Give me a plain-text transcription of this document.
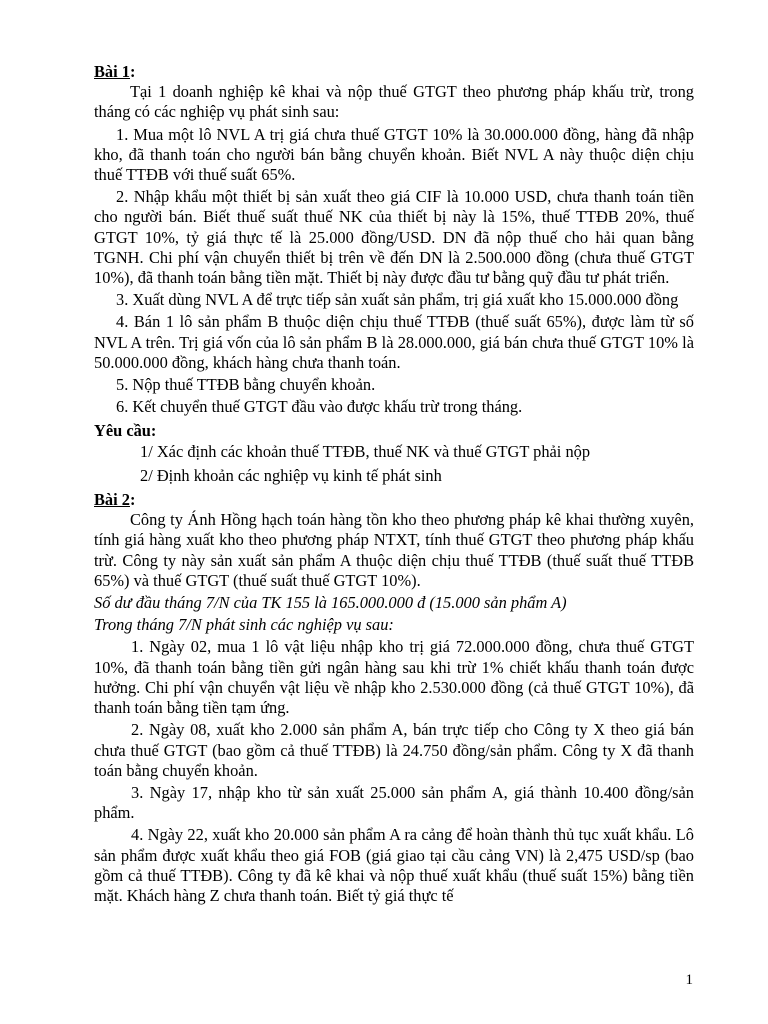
Bài 1:

Tại 1 doanh nghiệp kê khai và nộp thuế GTGT theo phương pháp khấu trừ, trong tháng có các nghiệp vụ phát sinh sau:

1. Mua một lô NVL A trị giá chưa thuế GTGT 10% là 30.000.000 đồng, hàng đã nhập kho, đã thanh toán cho người bán bằng chuyển khoản. Biết NVL A này thuộc diện chịu thuế TTĐB với thuế suất 65%.

2. Nhập khẩu một thiết bị sản xuất theo giá CIF là 10.000 USD, chưa thanh toán tiền cho người bán. Biết thuế suất thuế NK của thiết bị này là 15%, thuế TTĐB 20%, thuế GTGT 10%, tỷ giá thực tế là 25.000 đồng/USD. DN đã nộp thuế cho hải quan bằng TGNH. Chi phí vận chuyển thiết bị trên về đến DN là 2.500.000 đồng (chưa thuế GTGT 10%), đã thanh toán bằng tiền mặt. Thiết bị này được đầu tư bằng quỹ đầu tư phát triển.

3. Xuất dùng NVL A để trực tiếp sản xuất sản phẩm, trị giá xuất kho 15.000.000 đồng

4. Bán 1 lô sản phẩm B thuộc diện chịu thuế TTĐB (thuế suất 65%), được làm từ số NVL A trên. Trị giá vốn của lô sản phẩm B là 28.000.000, giá bán chưa thuế GTGT 10% là 50.000.000 đồng, khách hàng chưa thanh toán.

5. Nộp thuế TTĐB bằng chuyển khoản.

6. Kết chuyển thuế GTGT đầu vào được khấu trừ trong tháng.

Yêu cầu:

1/ Xác định các khoản thuế TTĐB, thuế NK và thuế GTGT phải nộp

2/ Định khoản các nghiệp vụ kinh tế phát sinh

Bài 2:

Công ty Ánh Hồng hạch toán hàng tồn kho theo phương pháp kê khai thường xuyên, tính giá hàng xuất kho theo phương pháp NTXT, tính thuế GTGT theo phương pháp khấu trừ. Công ty này sản xuất sản phẩm A thuộc diện chịu thuế TTĐB (thuế suất thuế TTĐB 65%) và thuế GTGT (thuế suất thuế GTGT 10%).

Số dư đầu tháng 7/N của TK 155 là 165.000.000 đ (15.000 sản phẩm A)

Trong tháng 7/N phát sinh các nghiệp vụ sau:

1. Ngày 02, mua 1 lô vật liệu nhập kho trị giá 72.000.000 đồng, chưa thuế GTGT 10%, đã thanh toán bằng tiền gửi ngân hàng sau khi trừ 1% chiết khấu thanh toán được hưởng. Chi phí vận chuyển vật liệu về nhập kho 2.530.000 đồng (cả thuế GTGT 10%), đã thanh toán bằng tiền tạm ứng.

2. Ngày 08, xuất kho 2.000 sản phẩm A, bán trực tiếp cho Công ty X theo giá bán chưa thuế GTGT (bao gồm cả thuế TTĐB) là 24.750 đồng/sản phẩm. Công ty X đã thanh toán bằng chuyển khoản.

3. Ngày 17, nhập kho từ sản xuất 25.000 sản phẩm A, giá thành 10.400 đồng/sản phẩm.

4. Ngày 22, xuất kho 20.000 sản phẩm A ra cảng để hoàn thành thủ tục xuất khẩu. Lô sản phẩm được xuất khẩu theo giá FOB (giá giao tại cầu cảng VN) là 2,475 USD/sp (bao gồm cả thuế TTĐB). Công ty đã kê khai và nộp thuế xuất khẩu (thuế suất 15%) bằng tiền mặt. Khách hàng Z chưa thanh toán. Biết tỷ giá thực tế

1
